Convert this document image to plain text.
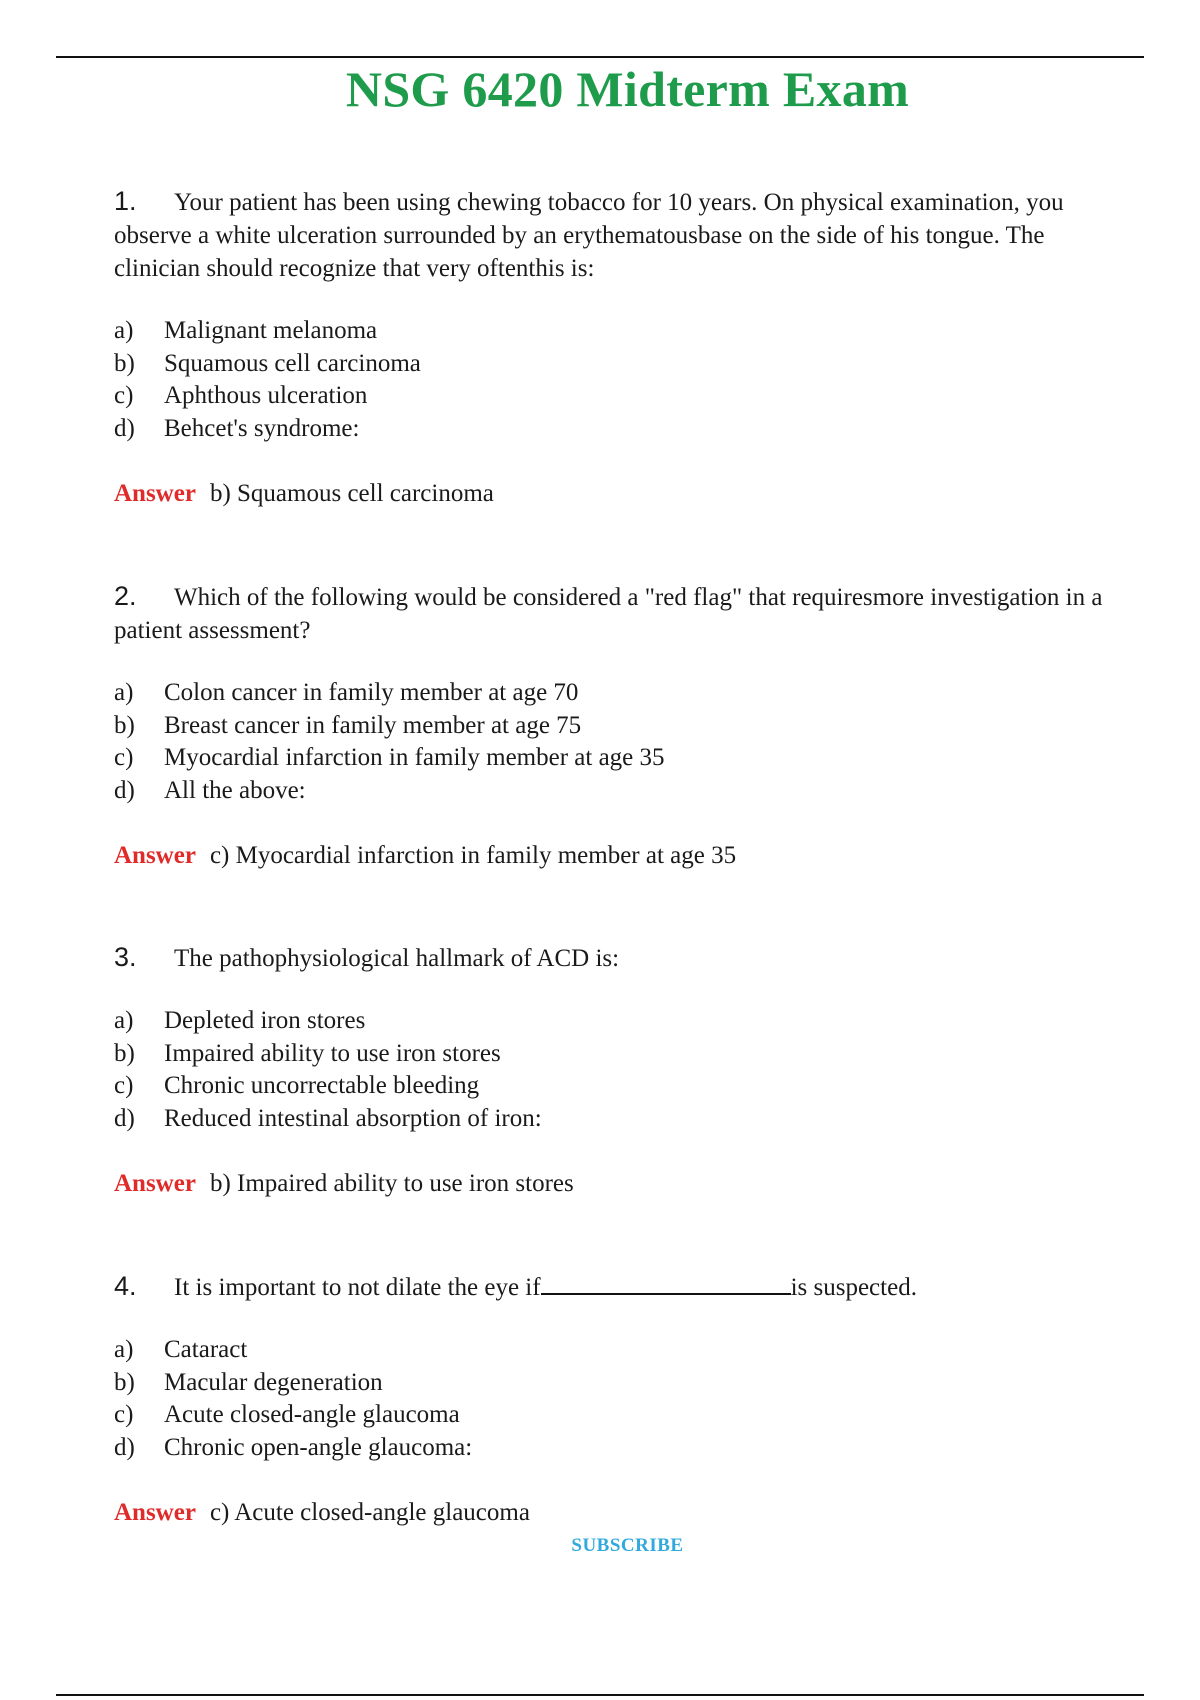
NSG 6420 Midterm Exam
1. Your patient has been using chewing tobacco for 10 years. On physical examination, you observe a white ulceration surrounded by an erythematousbase on the side of his tongue. The clinician should recognize that very oftenthis is:
a)	Malignant melanoma
b)	Squamous cell carcinoma
c)	Aphthous ulceration
d)	Behcet's syndrome:
Answer b) Squamous cell carcinoma
2. Which of the following would be considered a "red flag" that requiresmore investigation in a patient assessment?
a)	Colon cancer in family member at age 70
b)	Breast cancer in family member at age 75
c)	Myocardial infarction in family member at age 35
d)	All the above:
Answer c) Myocardial infarction in family member at age 35
3. The pathophysiological hallmark of ACD is:
a)	Depleted iron stores
b)	Impaired ability to use iron stores
c)	Chronic uncorrectable bleeding
d)	Reduced intestinal absorption of iron:
Answer b) Impaired ability to use iron stores
4. It is important to not dilate the eye if	is suspected.
a)	Cataract
b)	Macular degeneration
c)	Acute closed-angle glaucoma
d)	Chronic open-angle glaucoma:
Answer c) Acute closed-angle glaucoma
SUBSCRIBE
